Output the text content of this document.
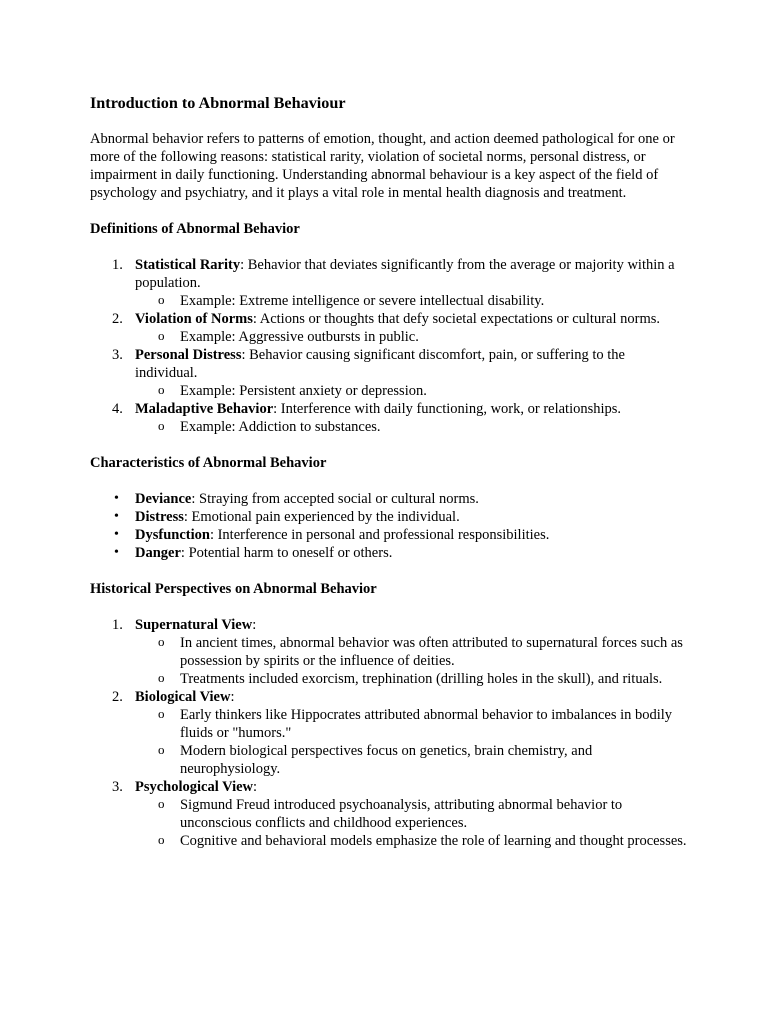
Introduction to Abnormal Behaviour

Abnormal behavior refers to patterns of emotion, thought, and action deemed pathological for one or more of the following reasons: statistical rarity, violation of societal norms, personal distress, or impairment in daily functioning. Understanding abnormal behaviour is a key aspect of the field of psychology and psychiatry, and it plays a vital role in mental health diagnosis and treatment.

Definitions of Abnormal Behavior
1. Statistical Rarity: Behavior that deviates significantly from the average or majority within a population.
o Example: Extreme intelligence or severe intellectual disability.
2. Violation of Norms: Actions or thoughts that defy societal expectations or cultural norms.
o Example: Aggressive outbursts in public.
3. Personal Distress: Behavior causing significant discomfort, pain, or suffering to the individual.
o Example: Persistent anxiety or depression.
4. Maladaptive Behavior: Interference with daily functioning, work, or relationships.
o Example: Addiction to substances.
Characteristics of Abnormal Behavior
• Deviance: Straying from accepted social or cultural norms.
• Distress: Emotional pain experienced by the individual.
• Dysfunction: Interference in personal and professional responsibilities.
• Danger: Potential harm to oneself or others.
Historical Perspectives on Abnormal Behavior
1. Supernatural View:
o In ancient times, abnormal behavior was often attributed to supernatural forces such as possession by spirits or the influence of deities.
o Treatments included exorcism, trephination (drilling holes in the skull), and rituals.
2. Biological View:
o Early thinkers like Hippocrates attributed abnormal behavior to imbalances in bodily fluids or "humors."
o Modern biological perspectives focus on genetics, brain chemistry, and neurophysiology.
3. Psychological View:
o Sigmund Freud introduced psychoanalysis, attributing abnormal behavior to unconscious conflicts and childhood experiences.
o Cognitive and behavioral models emphasize the role of learning and thought processes.
